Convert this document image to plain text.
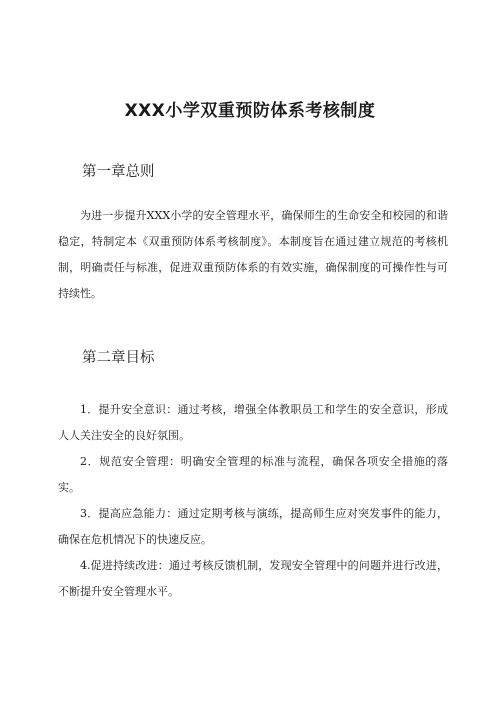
XXX小学双重预防体系考核制度
第一章总则

为进一步提升XXX小学的安全管理水平，确保师生的生命安全和校园的和谐稳定，特制定本《双重预防体系考核制度》。本制度旨在通过建立规范的考核机制，明确责任与标准，促进双重预防体系的有效实施，确保制度的可操作性与可持续性。

第二章目标

1．提升安全意识：通过考核，增强全体教职员工和学生的安全意识，形成人人关注安全的良好氛围。

2．规范安全管理：明确安全管理的标准与流程，确保各项安全措施的落实。

3．提高应急能力：通过定期考核与演练，提高师生应对突发事件的能力，确保在危机情况下的快速反应。

4.促进持续改进：通过考核反馈机制，发现安全管理中的问题并进行改进，不断提升安全管理水平。
